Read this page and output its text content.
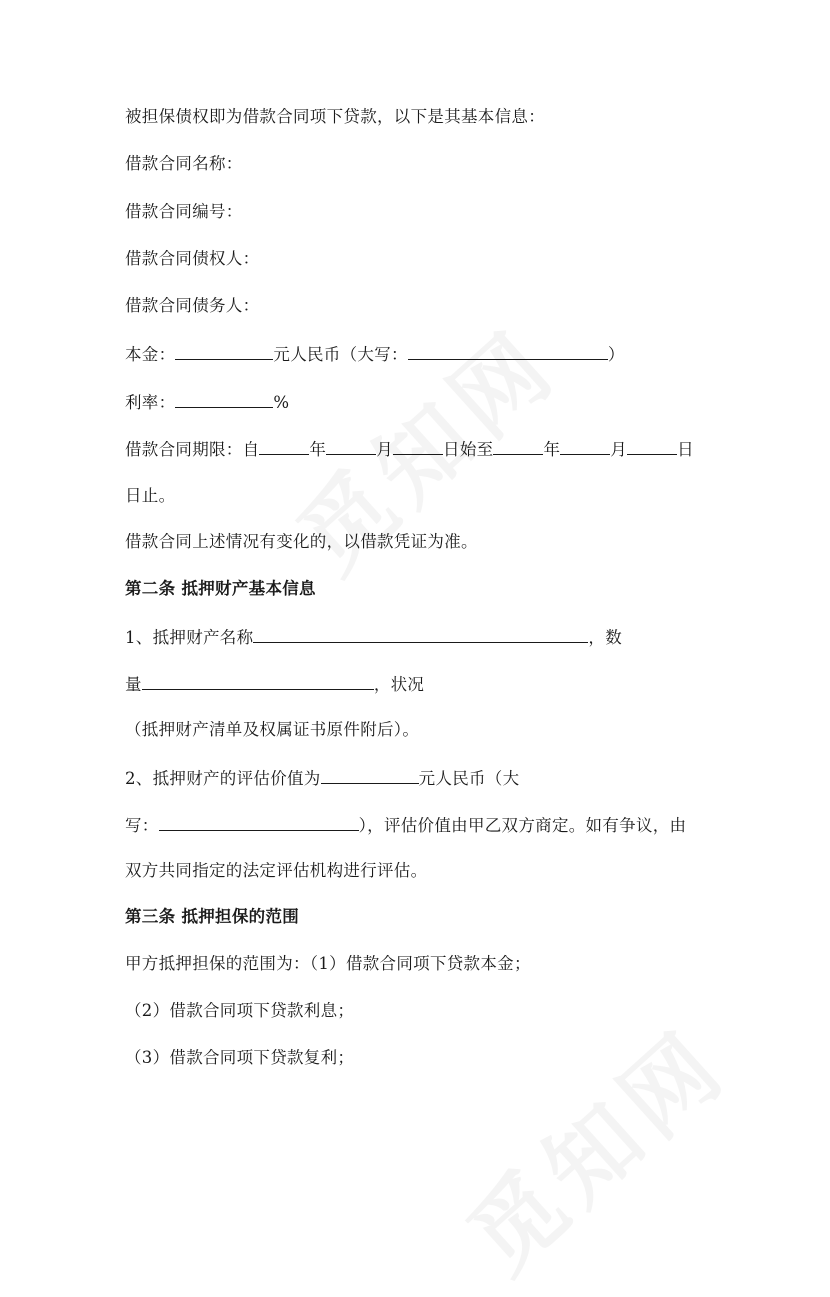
被担保债权即为借款合同项下贷款，以下是其基本信息：
借款合同名称：
借款合同编号：
借款合同债权人：
借款合同债务人：
本金：	元人民币（大写：	）
利率：	%
借款合同期限：自	年	月	日始至	年	月	日
日止。
借款合同上述情况有变化的，以借款凭证为准。
第二条 抵押财产基本信息
1、抵押财产名称	，数
量	，状况
（抵押财产清单及权属证书原件附后）。
2、抵押财产的评估价值为	元人民币（大
写：	），评估价值由甲乙双方商定。如有争议，由
双方共同指定的法定评估机构进行评估。
第三条 抵押担保的范围
甲方抵押担保的范围为：（1）借款合同项下贷款本金；
（2）借款合同项下贷款利息；
（3）借款合同项下贷款复利；
